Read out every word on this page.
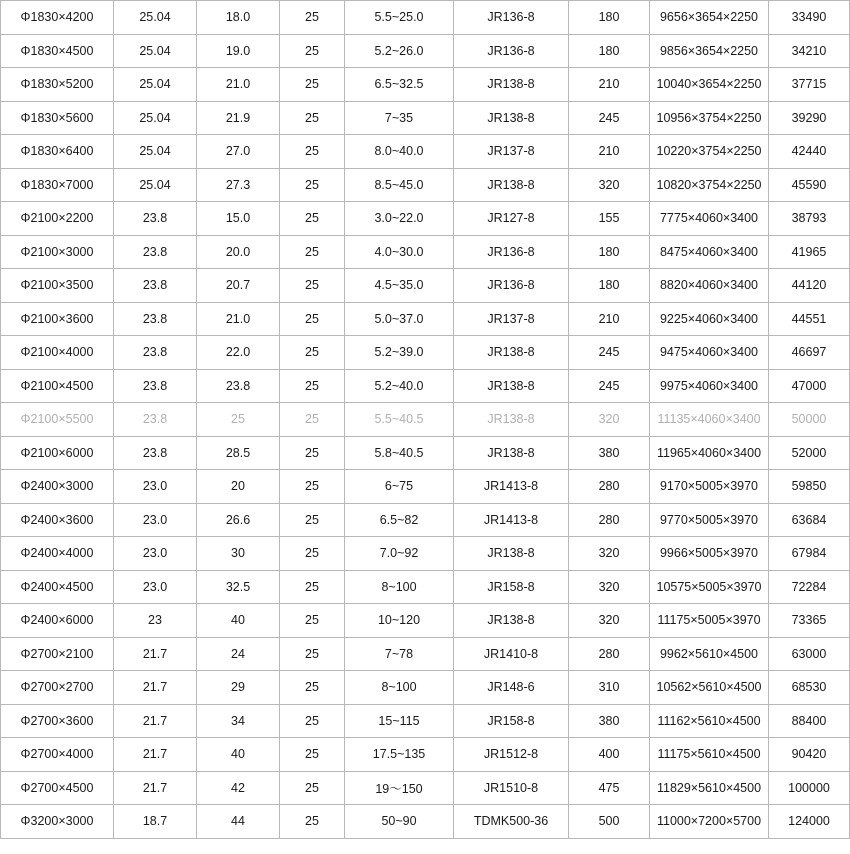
Φ1830×4200	25.04	18.0	25	5.5~25.0	JR136-8	180	9656×3654×2250	33490
Φ1830×4500	25.04	19.0	25	5.2~26.0	JR136-8	180	9856×3654×2250	34210
Φ1830×5200	25.04	21.0	25	6.5~32.5	JR138-8	210	10040×3654×2250	37715
Φ1830×5600	25.04	21.9	25	7~35	JR138-8	245	10956×3754×2250	39290
Φ1830×6400	25.04	27.0	25	8.0~40.0	JR137-8	210	10220×3754×2250	42440
Φ1830×7000	25.04	27.3	25	8.5~45.0	JR138-8	320	10820×3754×2250	45590
Φ2100×2200	23.8	15.0	25	3.0~22.0	JR127-8	155	7775×4060×3400	38793
Φ2100×3000	23.8	20.0	25	4.0~30.0	JR136-8	180	8475×4060×3400	41965
Φ2100×3500	23.8	20.7	25	4.5~35.0	JR136-8	180	8820×4060×3400	44120
Φ2100×3600	23.8	21.0	25	5.0~37.0	JR137-8	210	9225×4060×3400	44551
Φ2100×4000	23.8	22.0	25	5.2~39.0	JR138-8	245	9475×4060×3400	46697
Φ2100×4500	23.8	23.8	25	5.2~40.0	JR138-8	245	9975×4060×3400	47000
Φ2100×5500	23.8	25	25	5.5~40.5	JR138-8	320	11135×4060×3400	50000
Φ2100×6000	23.8	28.5	25	5.8~40.5	JR138-8	380	11965×4060×3400	52000
Φ2400×3000	23.0	20	25	6~75	JR1413-8	280	9170×5005×3970	59850
Φ2400×3600	23.0	26.6	25	6.5~82	JR1413-8	280	9770×5005×3970	63684
Φ2400×4000	23.0	30	25	7.0~92	JR138-8	320	9966×5005×3970	67984
Φ2400×4500	23.0	32.5	25	8~100	JR158-8	320	10575×5005×3970	72284
Φ2400×6000	23	40	25	10~120	JR138-8	320	11175×5005×3970	73365
Φ2700×2100	21.7	24	25	7~78	JR1410-8	280	9962×5610×4500	63000
Φ2700×2700	21.7	29	25	8~100	JR148-6	310	10562×5610×4500	68530
Φ2700×3600	21.7	34	25	15~115	JR158-8	380	11162×5610×4500	88400
Φ2700×4000	21.7	40	25	17.5~135	JR1512-8	400	11175×5610×4500	90420
Φ2700×4500	21.7	42	25	19～150	JR1510-8	475	11829×5610×4500	100000
Φ3200×3000	18.7	44	25	50~90	TDMK500-36	500	11000×7200×5700	124000
